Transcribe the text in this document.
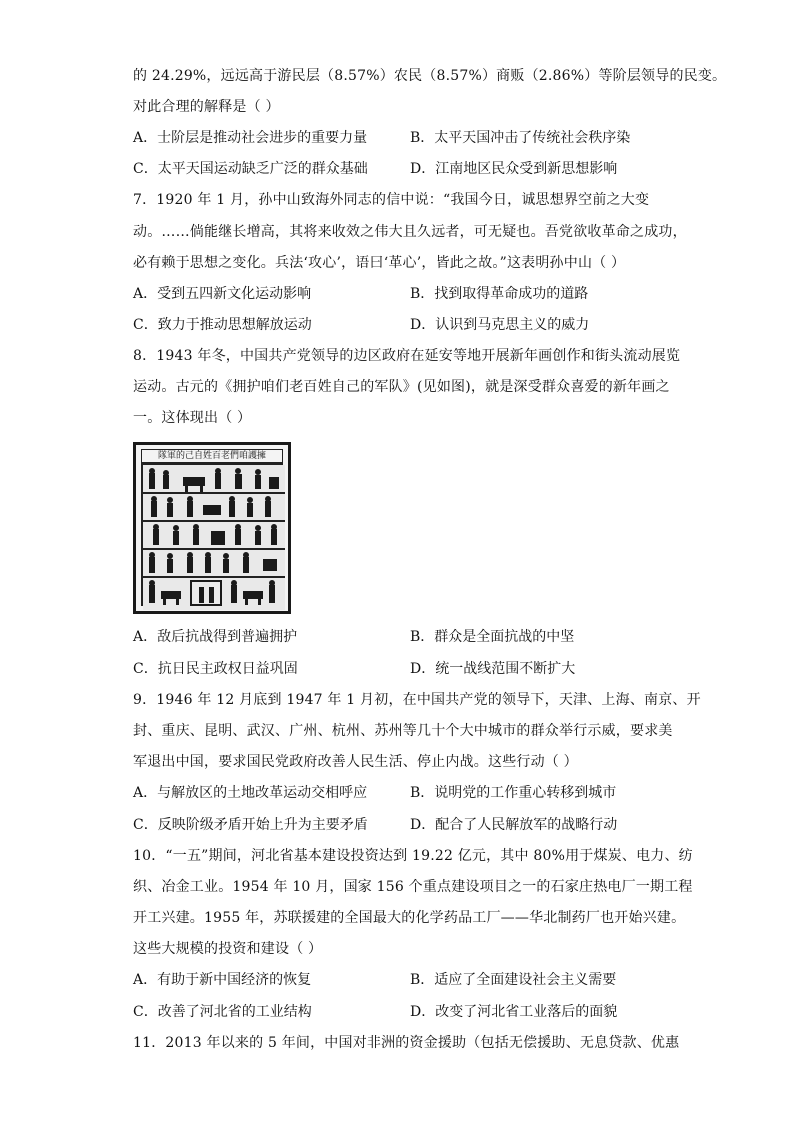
的 24.29%，远远高于游民层（8.57%）农民（8.57%）商贩（2.86%）等阶层领导的民变。
对此合理的解释是（ ）
A．士阶层是推动社会进步的重要力量	B．太平天国冲击了传统社会秩序染
C．太平天国运动缺乏广泛的群众基础	D．江南地区民众受到新思想影响
7．1920 年 1 月，孙中山致海外同志的信中说：“我国今日，诚思想界空前之大变
动。……倘能继长增高，其将来收效之伟大且久远者，可无疑也。吾党欲收革命之成功，
必有赖于思想之变化。兵法‘攻心’，语曰‘革心’，皆此之故。”这表明孙中山（ ）
A．受到五四新文化运动影响	B．找到取得革命成功的道路
C．致力于推动思想解放运动	D．认识到马克思主义的威力
8．1943 年冬，中国共产党领导的边区政府在延安等地开展新年画创作和街头流动展览
运动。古元的《拥护咱们老百姓自己的军队》(见如图)，就是深受群众喜爱的新年画之
一。这体现出（ ）
隊軍的己自姓百老們咱護擁
A．敌后抗战得到普遍拥护	B．群众是全面抗战的中坚
C．抗日民主政权日益巩固	D．统一战线范围不断扩大
9．1946 年 12 月底到 1947 年 1 月初，在中国共产党的领导下，天津、上海、南京、开
封、重庆、昆明、武汉、广州、杭州、苏州等几十个大中城市的群众举行示威，要求美
军退出中国，要求国民党政府改善人民生活、停止内战。这些行动（ ）
A．与解放区的土地改革运动交相呼应	B．说明党的工作重心转移到城市
C．反映阶级矛盾开始上升为主要矛盾	D．配合了人民解放军的战略行动
10．“一五”期间，河北省基本建设投资达到 19.22 亿元，其中 80%用于煤炭、电力、纺
织、冶金工业。1954 年 10 月，国家 156 个重点建设项目之一的石家庄热电厂一期工程
开工兴建。1955 年，苏联援建的全国最大的化学药品工厂——华北制药厂也开始兴建。
这些大规模的投资和建设（ ）
A．有助于新中国经济的恢复	B．适应了全面建设社会主义需要
C．改善了河北省的工业结构	D．改变了河北省工业落后的面貌
11．2013 年以来的 5 年间，中国对非洲的资金援助（包括无偿援助、无息贷款、优惠
